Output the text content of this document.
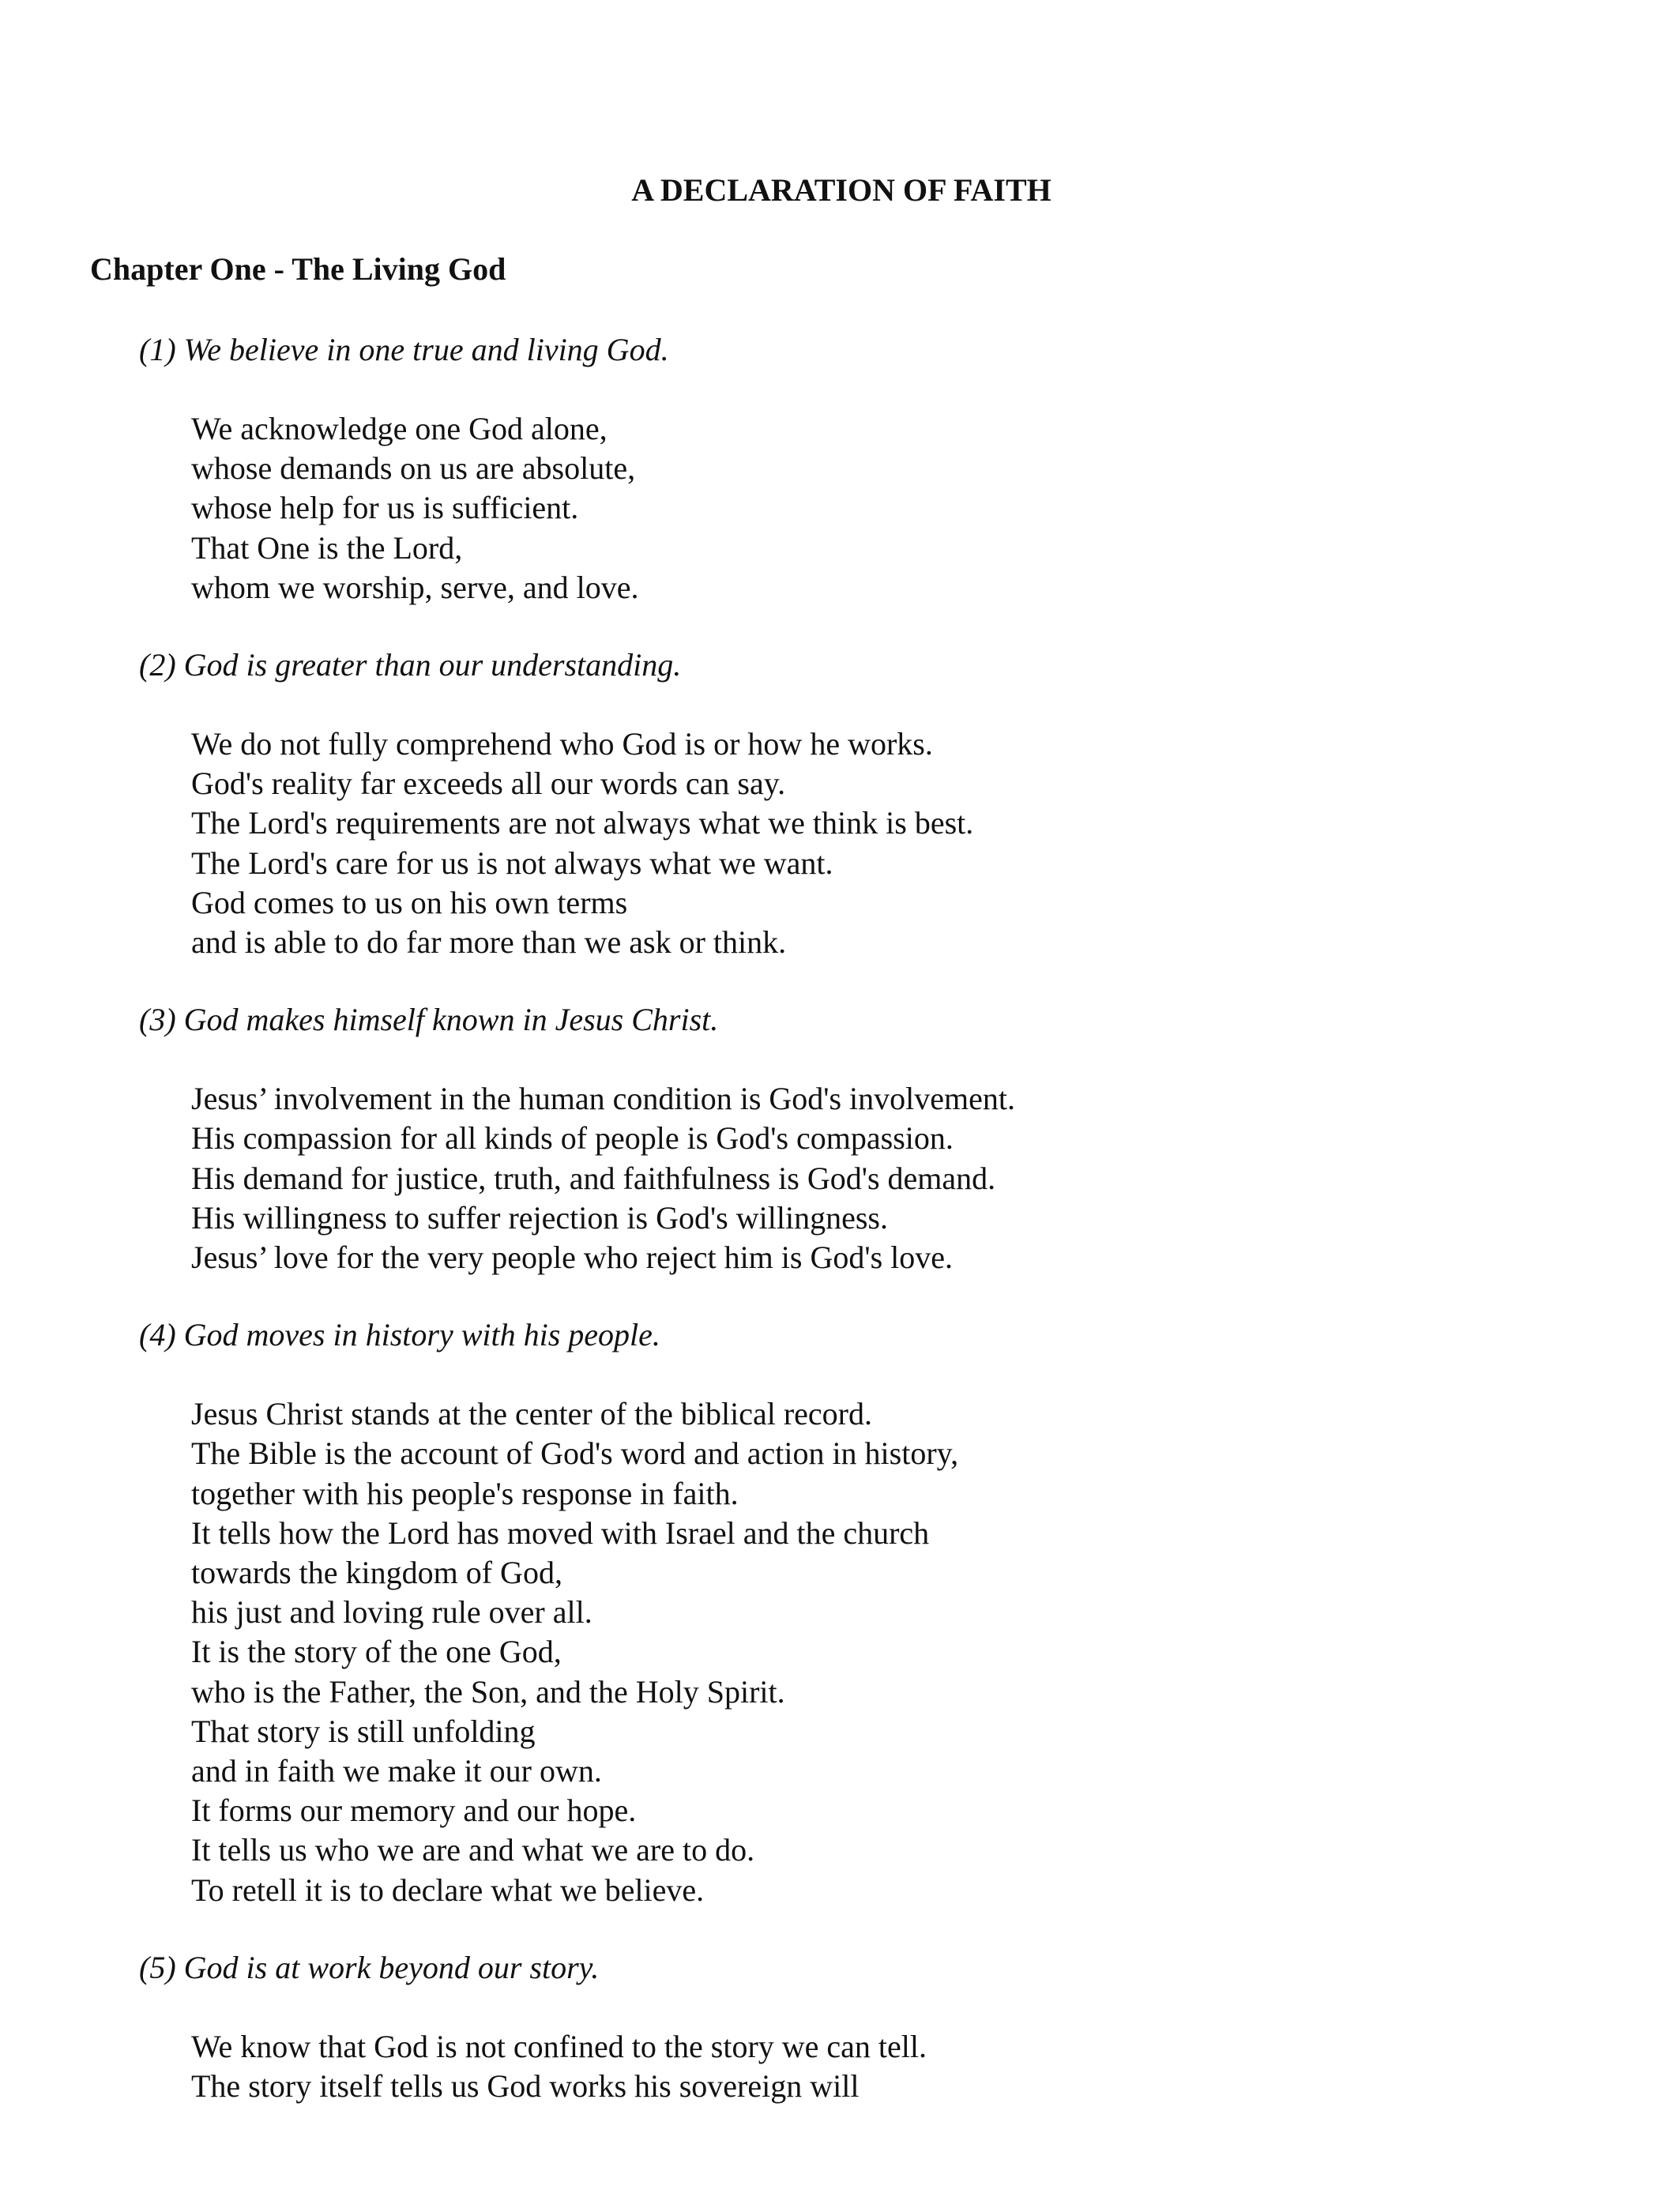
A DECLARATION OF FAITH
Chapter One - The Living God

(1) We believe in one true and living God.

We acknowledge one God alone,
whose demands on us are absolute,
whose help for us is sufficient.
That One is the Lord,
whom we worship, serve, and love.

(2) God is greater than our understanding.

We do not fully comprehend who God is or how he works.
God's reality far exceeds all our words can say.
The Lord's requirements are not always what we think is best.
The Lord's care for us is not always what we want.
God comes to us on his own terms
and is able to do far more than we ask or think.

(3) God makes himself known in Jesus Christ.

Jesus’ involvement in the human condition is God's involvement.
His compassion for all kinds of people is God's compassion.
His demand for justice, truth, and faithfulness is God's demand.
His willingness to suffer rejection is God's willingness.
Jesus’ love for the very people who reject him is God's love.

(4) God moves in history with his people.

Jesus Christ stands at the center of the biblical record.
The Bible is the account of God's word and action in history,
together with his people's response in faith.
It tells how the Lord has moved with Israel and the church
towards the kingdom of God,
his just and loving rule over all.
It is the story of the one God,
who is the Father, the Son, and the Holy Spirit.
That story is still unfolding
and in faith we make it our own.
It forms our memory and our hope.
It tells us who we are and what we are to do.
To retell it is to declare what we believe.

(5) God is at work beyond our story.

We know that God is not confined to the story we can tell.
The story itself tells us God works his sovereign will
